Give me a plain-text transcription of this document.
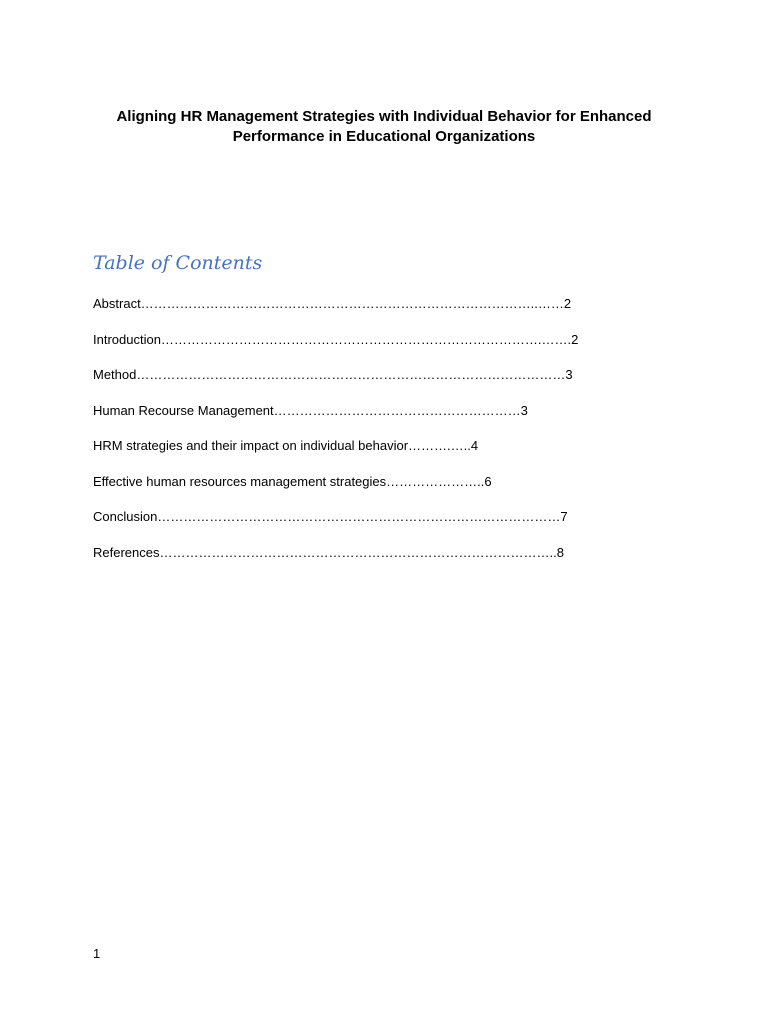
Aligning HR Management Strategies with Individual Behavior for Enhanced
Performance in Educational Organizations
Table of Contents
Abstract………………………………………………………………………………..……2
Introduction…………………………………………………………………………….…….2
Method………………………………………………………………………………………3
Human Recourse Management…………………………………………………3
HRM strategies and their impact on individual behavior……….…..4
Effective human resources management strategies…………………..6
Conclusion…………………………………………………………………………………7
References………………………………………………………………………………..8

1
